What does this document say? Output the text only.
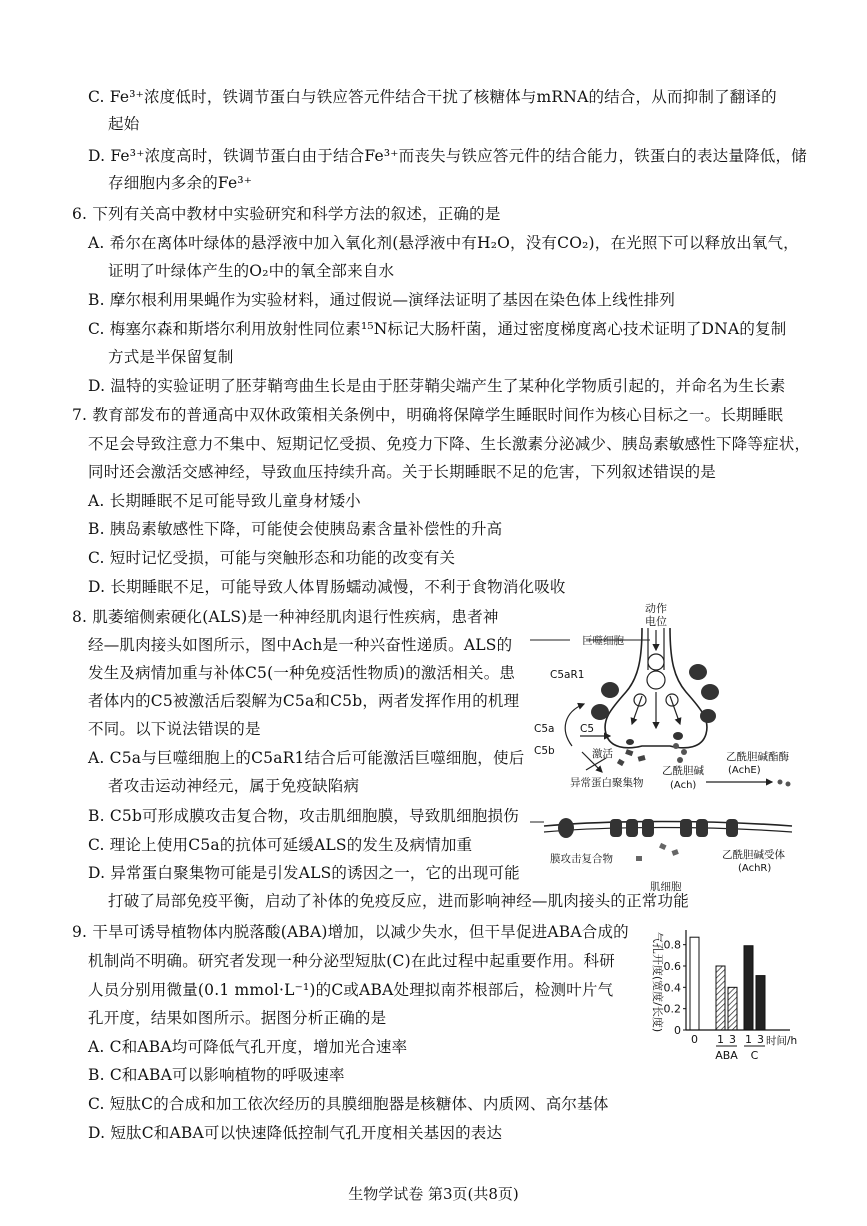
C. Fe³⁺浓度低时，铁调节蛋白与铁应答元件结合干扰了核糖体与mRNA的结合，从而抑制了翻译的
起始
D. Fe³⁺浓度高时，铁调节蛋白由于结合Fe³⁺而丧失与铁应答元件的结合能力，铁蛋白的表达量降低，储
存细胞内多余的Fe³⁺
6. 下列有关高中教材中实验研究和科学方法的叙述，正确的是
A. 希尔在离体叶绿体的悬浮液中加入氧化剂(悬浮液中有H₂O，没有CO₂)，在光照下可以释放出氧气，
证明了叶绿体产生的O₂中的氧全部来自水
B. 摩尔根利用果蝇作为实验材料，通过假说—演绎法证明了基因在染色体上线性排列
C. 梅塞尔森和斯塔尔利用放射性同位素¹⁵N标记大肠杆菌，通过密度梯度离心技术证明了DNA的复制
方式是半保留复制
D. 温特的实验证明了胚芽鞘弯曲生长是由于胚芽鞘尖端产生了某种化学物质引起的，并命名为生长素
7. 教育部发布的普通高中双休政策相关条例中，明确将保障学生睡眠时间作为核心目标之一。长期睡眠
不足会导致注意力不集中、短期记忆受损、免疫力下降、生长激素分泌减少、胰岛素敏感性下降等症状，
同时还会激活交感神经，导致血压持续升高。关于长期睡眠不足的危害，下列叙述错误的是
A. 长期睡眠不足可能导致儿童身材矮小
B. 胰岛素敏感性下降，可能使会使胰岛素含量补偿性的升高
C. 短时记忆受损，可能与突触形态和功能的改变有关
D. 长期睡眠不足，可能导致人体胃肠蠕动减慢，不利于食物消化吸收
8. 肌萎缩侧索硬化(ALS)是一种神经肌肉退行性疾病，患者神
经—肌肉接头如图所示，图中Ach是一种兴奋性递质。ALS的
发生及病情加重与补体C5(一种免疫活性物质)的激活相关。患
者体内的C5被激活后裂解为C5a和C5b，两者发挥作用的机理
不同。以下说法错误的是
A. C5a与巨噬细胞上的C5aR1结合后可能激活巨噬细胞，使后
者攻击运动神经元，属于免疫缺陷病
B. C5b可形成膜攻击复合物，攻击肌细胞膜，导致肌细胞损伤
C. 理论上使用C5a的抗体可延缓ALS的发生及病情加重
D. 异常蛋白聚集物可能是引发ALS的诱因之一，它的出现可能
打破了局部免疫平衡，启动了补体的免疫反应，进而影响神经—肌肉接头的正常功能
动作
电位
巨噬细胞
C5aR1
C5a C5
C5b	激活
异常蛋白聚集物
乙酰胆碱
(Ach)
乙酰胆碱酯酶
(AchE)
膜攻击复合物	乙酰胆碱受体
(AchR)
肌细胞
9. 干旱可诱导植物体内脱落酸(ABA)增加，以减少失水，但干旱促进ABA合成的
机制尚不明确。研究者发现一种分泌型短肽(C)在此过程中起重要作用。科研
人员分别用微量(0.1 mmol·L⁻¹)的C或ABA处理拟南芥根部后，检测叶片气
孔开度，结果如图所示。据图分析正确的是
A. C和ABA均可降低气孔开度，增加光合速率
B. C和ABA可以影响植物的呼吸速率
C. 短肽C的合成和加工依次经历的具膜细胞器是核糖体、内质网、高尔基体
D. 短肽C和ABA可以快速降低控制气孔开度相关基因的表达
0
0.2
0.4
0.6
0.8
0 1 3
ABA
1 3
C
气孔开度(宽度/长度)
时间/h
生物学试卷 第3页(共8页)
